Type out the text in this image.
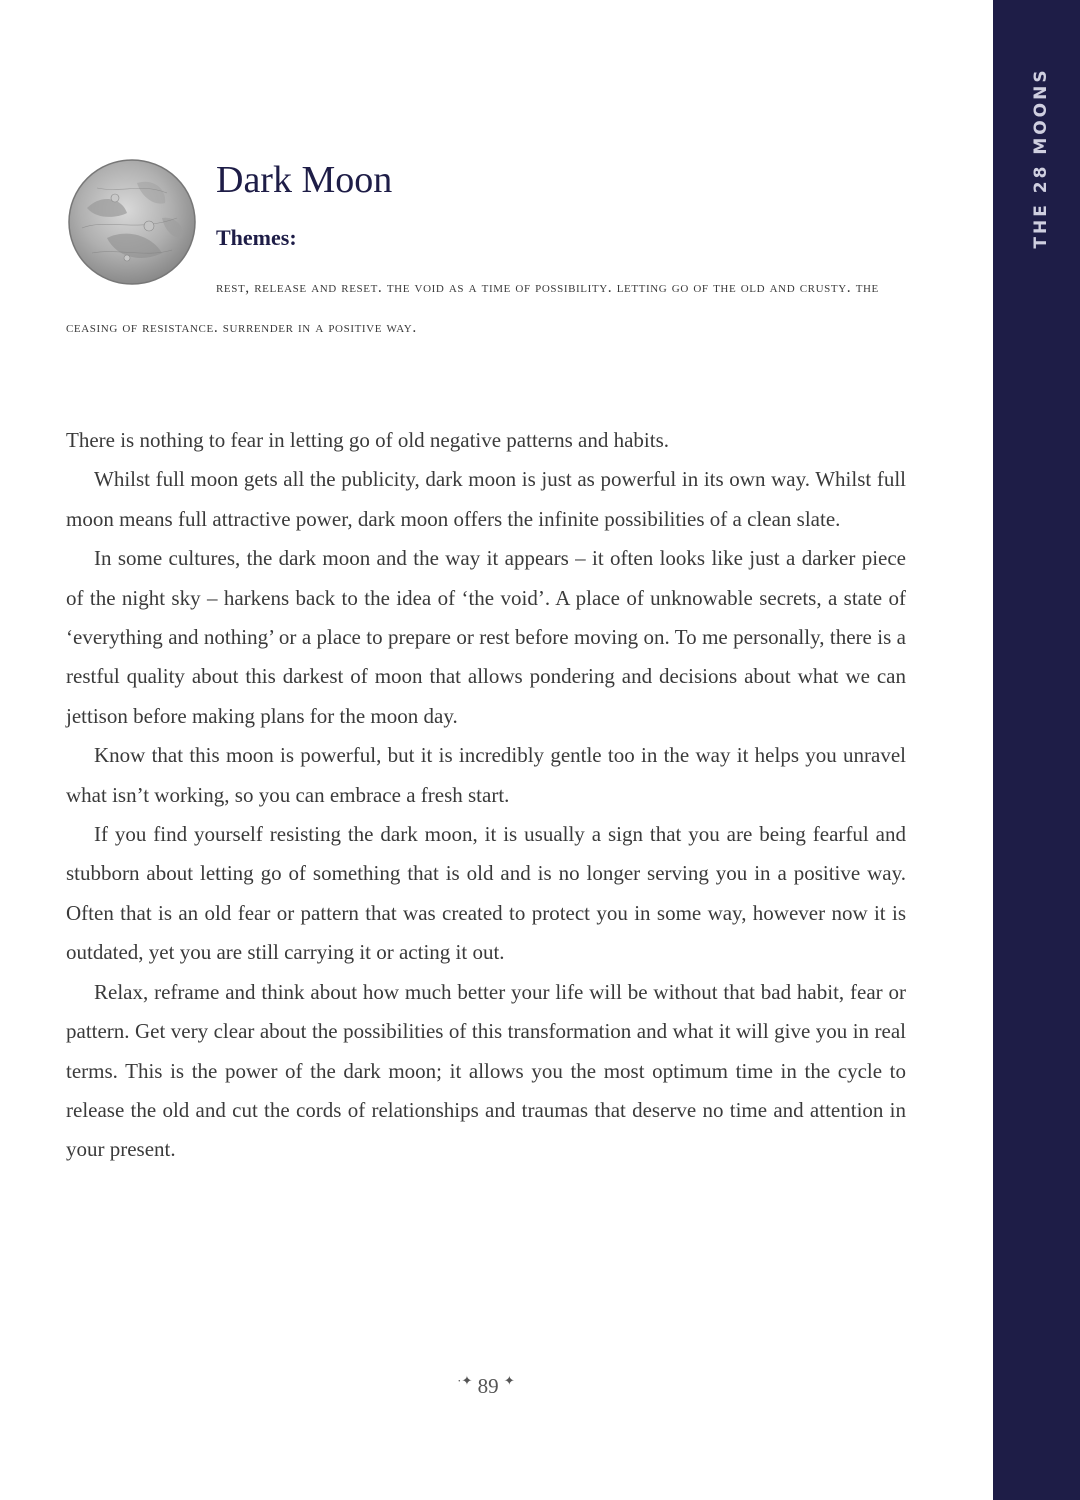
THE 28 MOONS
Dark Moon
Themes:
rest, release and reset. the void as a time of possibility. letting go of the old and crusty. the ceasing of resistance. surrender in a positive way.

There is nothing to fear in letting go of old negative patterns and habits.

Whilst full moon gets all the publicity, dark moon is just as powerful in its own way. Whilst full moon means full attractive power, dark moon offers the infinite possibilities of a clean slate.

In some cultures, the dark moon and the way it appears – it often looks like just a darker piece of the night sky – harkens back to the idea of ‘the void’. A place of unknowable secrets, a state of ‘everything and nothing’ or a place to prepare or rest before moving on. To me personally, there is a restful quality about this darkest of moon that allows pondering and decisions about what we can jettison before making plans for the moon day.

Know that this moon is powerful, but it is incredibly gentle too in the way it helps you unravel what isn’t working, so you can embrace a fresh start.

If you find yourself resisting the dark moon, it is usually a sign that you are being fearful and stubborn about letting go of something that is old and is no longer serving you in a positive way. Often that is an old fear or pattern that was created to protect you in some way, however now it is outdated, yet you are still carrying it or acting it out.

Relax, reframe and think about how much better your life will be without that bad habit, fear or pattern. Get very clear about the possibilities of this transformation and what it will give you in real terms. This is the power of the dark moon; it allows you the most optimum time in the cycle to release the old and cut the cords of relationships and traumas that deserve no time and attention in your present.

·✦ 89 ✦
